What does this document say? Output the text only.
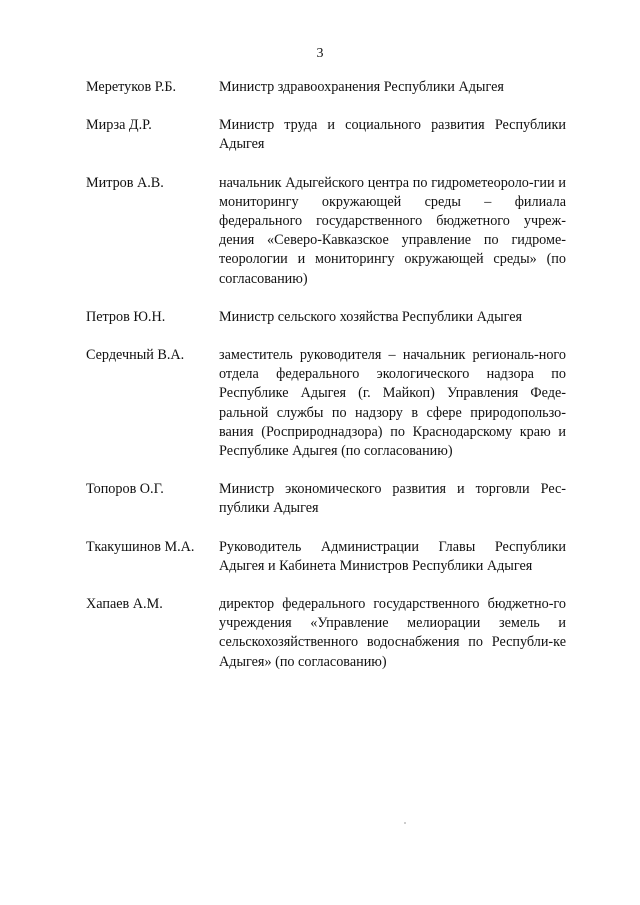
3
Меретуков Р.Б.	Министр здравоохранения Республики Адыгея
Мирза Д.Р.	Министр труда и социального развития Республики Адыгея
Митров А.В.	начальник Адыгейского центра по гидрометеороло-гии и мониторингу окружающей среды – филиала федерального государственного бюджетного учреж-дения «Северо-Кавказское управление по гидроме-теорологии и мониторингу окружающей среды» (по согласованию)
Петров Ю.Н.	Министр сельского хозяйства Республики Адыгея
Сердечный В.А.	заместитель руководителя – начальник региональ-ного отдела федерального экологического надзора по Республике Адыгея (г. Майкоп) Управления Феде-ральной службы по надзору в сфере природопользо-вания (Росприроднадзора) по Краснодарскому краю и Республике Адыгея (по согласованию)
Топоров О.Г.	Министр экономического развития и торговли Рес-публики Адыгея
Ткакушинов М.А.	Руководитель Администрации Главы Республики Адыгея и Кабинета Министров Республики Адыгея
Хапаев А.М.	директор федерального государственного бюджетно-го учреждения «Управление мелиорации земель и сельскохозяйственного водоснабжения по Республи-ке Адыгея» (по согласованию)
